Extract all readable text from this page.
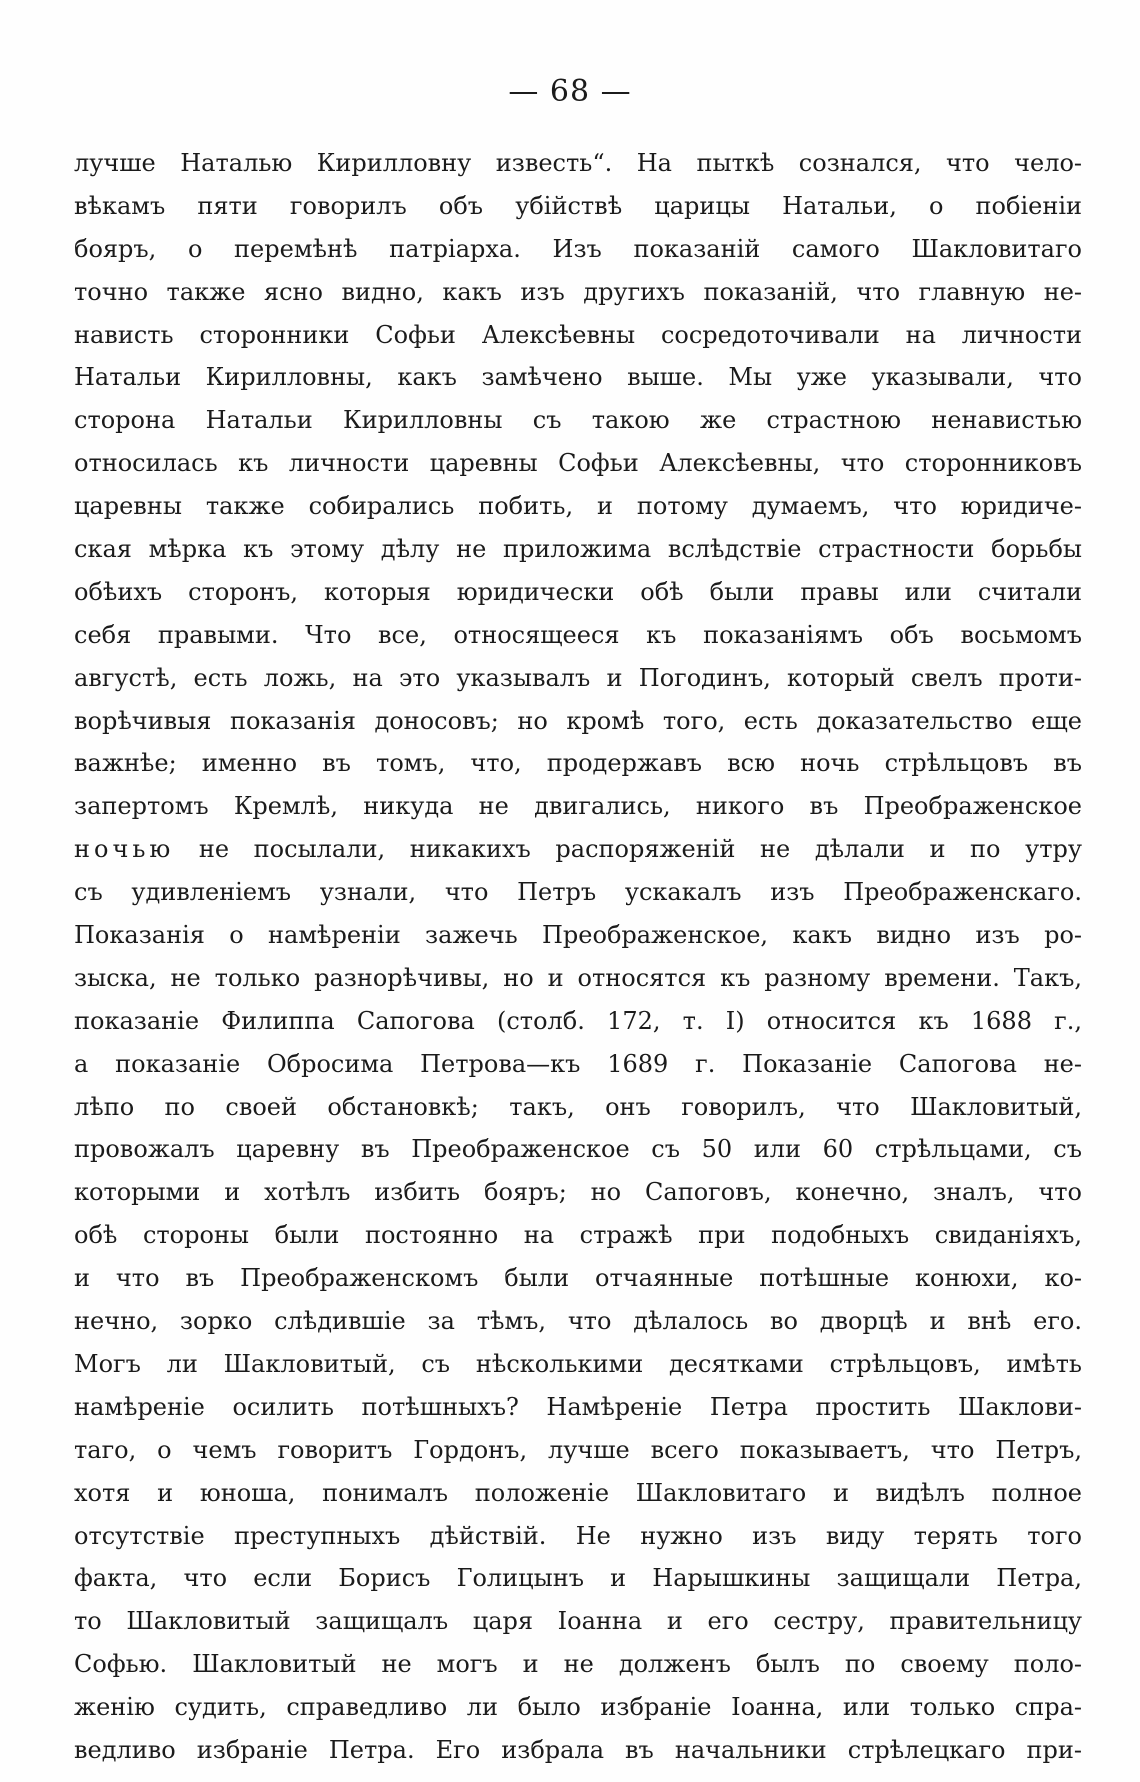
— 68 —
лучше Наталью Кирилловну известь“. На пыткѣ сознался, что чело-
вѣкамъ пяти говорилъ объ убійствѣ царицы Натальи, о побіеніи
бояръ, о перемѣнѣ патріарха. Изъ показаній самого Шакловитаго
точно также ясно видно, какъ изъ другихъ показаній, что главную не-
нависть сторонники Софьи Алексѣевны сосредоточивали на личности
Натальи Кирилловны, какъ замѣчено выше. Мы уже указывали, что
сторона Натальи Кирилловны съ такою же страстною ненавистью
относилась къ личности царевны Софьи Алексѣевны, что сторонниковъ
царевны также собирались побить, и потому думаемъ, что юридиче-
ская мѣрка къ этому дѣлу не приложима вслѣдствіе страстности борьбы
обѣихъ сторонъ, которыя юридически обѣ были правы или считали
себя правыми. Что все, относящееся къ показаніямъ объ восьмомъ
августѣ, есть ложь, на это указывалъ и Погодинъ, который свелъ проти-
ворѣчивыя показанія доносовъ; но кромѣ того, есть доказательство еще
важнѣе; именно въ томъ, что, продержавъ всю ночь стрѣльцовъ въ
запертомъ Кремлѣ, никуда не двигались, никого въ Преображенское
ночью не посылали, никакихъ распоряженій не дѣлали и по утру
съ удивленіемъ узнали, что Петръ ускакалъ изъ Преображенскаго.
Показанія о намѣреніи зажечь Преображенское, какъ видно изъ ро-
зыска, не только разнорѣчивы, но и относятся къ разному времени. Такъ,
показаніе Филиппа Сапогова (столб. 172, т. I) относится къ 1688 г.,
а показаніе Обросима Петрова—къ 1689 г. Показаніе Сапогова не-
лѣпо по своей обстановкѣ; такъ, онъ говорилъ, что Шакловитый,
провожалъ царевну въ Преображенское съ 50 или 60 стрѣльцами, съ
которыми и хотѣлъ избить бояръ; но Сапоговъ, конечно, зналъ, что
обѣ стороны были постоянно на стражѣ при подобныхъ свиданіяхъ,
и что въ Преображенскомъ были отчаянные потѣшные конюхи, ко-
нечно, зорко слѣдившіе за тѣмъ, что дѣлалось во дворцѣ и внѣ его.
Могъ ли Шакловитый, съ нѣсколькими десятками стрѣльцовъ, имѣть
намѣреніе осилить потѣшныхъ? Намѣреніе Петра простить Шаклови-
таго, о чемъ говоритъ Гордонъ, лучше всего показываетъ, что Петръ,
хотя и юноша, понималъ положеніе Шакловитаго и видѣлъ полное
отсутствіе преступныхъ дѣйствій. Не нужно изъ виду терять того
факта, что если Борисъ Голицынъ и Нарышкины защищали Петра,
то Шакловитый защищалъ царя Іоанна и его сестру, правительницу
Софью. Шакловитый не могъ и не долженъ былъ по своему поло-
женію судить, справедливо ли было избраніе Іоанна, или только спра-
ведливо избраніе Петра. Его избрала въ начальники стрѣлецкаго при-
